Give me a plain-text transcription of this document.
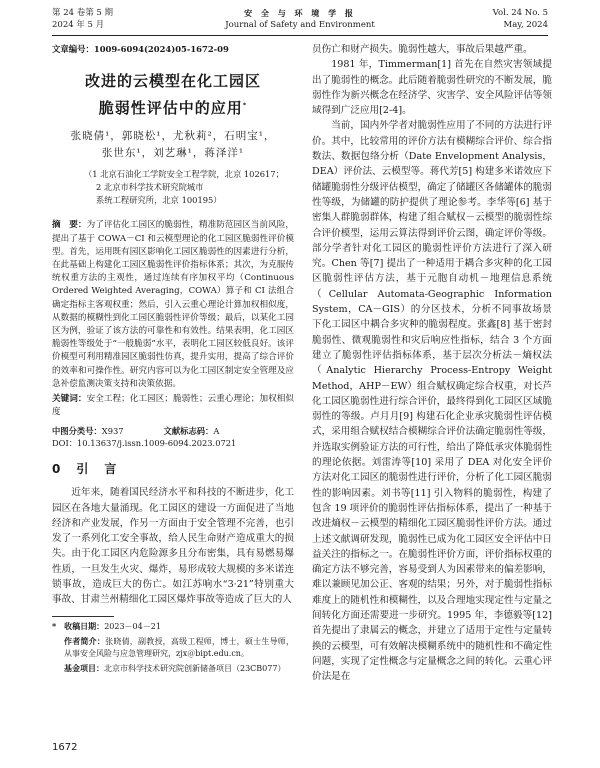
第 24 卷第 5 期
2024 年 5 月
安 全 与 环 境 学 报
Journal of Safety and Environment
Vol. 24 No. 5
May, 2024
文章编号：1009-6094(2024)05-1672-09
改进的云模型在化工园区
脆弱性评估中的应用*
张晓倩¹，郭晓松¹，尤秋莉²，石明宝¹，
张世东¹，刘艺琳¹，蒋泽洋¹
（1 北京石油化工学院安全工程学院，北京 102617；
2 北京市科学技术研究院城市
系统工程研究所，北京 100195）
摘　要：为了评估化工园区的脆弱性，精准防范园区当前风险，提出了基于 COWA－CI 和云模型理论的化工园区脆弱性评价模型。首先，运用既有园区影响化工园区脆弱性的因素进行分析，在此基础上构建化工园区脆弱性评价指标体系；其次，为克服传统权重方法的主观性，通过连续有序加权平均（Continuous Ordered Weighted Averaging，COWA）算子和 CI 法组合确定指标主客观权重；然后，引入云重心理论计算加权相似度，从数据的模糊性到化工园区脆弱性评价等级；最后，以某化工园区为例，验证了该方法的可靠性和有效性。结果表明，化工园区脆弱性等级处于“一般脆弱”水平，表明化工园区较低良好。该评价模型可利用精准园区脆弱性仿真，提升实用，提高了综合评价的效率和可操作性。研究内容可以为化工园区制定安全管理及应急补偿监测决策支持和决策依据。
关键词：安全工程；化工园区；脆弱性；云重心理论；加权相似度
中图分类号：X937	文献标志码：A
DOI：10.13637/j.issn.1009-6094.2023.0721
0　引　言

近年来，随着国民经济水平和科技的不断进步，化工园区在各地大量涌现。化工园区的建设一方面促进了当地经济和产业发展，作另一方面由于安全管理不完善，也引发了一系列化工安全事故，给人民生命财产造成重大的损失。由于化工园区内危险源多且分布密集，具有易燃易爆性质，一旦发生火灾、爆炸，易形成较大规模的多米诺连锁事故，造成巨大的伤亡。如江苏响水“3·21”特别重大事故、甘肃兰州精细化工园区爆炸事故等造成了巨大的人

*　收稿日期：2023－04－21
作者简介：张晓倩，副教授，高级工程师，博士，硕士生导师，从事安全风险与应急管理研究，zjx＠bipt.edu.cn。
基金项目：北京市科学技术研究院创新储备项目（23CB077）
员伤亡和财产损失。脆弱性越大，事故后果越严重。

1981 年，Timmerman[1] 首先在自然灾害领域提出了脆弱性的概念。此后随着脆弱性研究的不断发展，脆弱性作为新兴概念在经济学、灾害学、安全风险评估等领域得到广泛应用[2-4]。

当前，国内外学者对脆弱性应用了不同的方法进行评价。其中，比较常用的评价方法有模糊综合评价、综合指数法、数据包络分析（Date Envelopment Analysis，DEA）评价法、云模型等。蒋代芳[5] 构建多米诺效应下储罐脆弱性分级评估模型，确定了储罐区各储罐体的脆弱性等级，为储罐的防护提供了理论参考。李华等[6] 基于密集人群脆弱群体，构建了组合赋权－云模型的脆弱性综合评价模型，运用云算法得到评价云图，确定评价等级。部分学者针对化工园区的脆弱性评价方法进行了深入研究。Chen 等[7] 提出了一种适用于耦合多灾种的化工园区脆弱性评估方法，基于元胞自动机－地理信息系统（Cellular Automata-Geographic Information System，CA－GIS）的分区技术，分析不同事故场景下化工园区中耦合多灾种的脆弱程度。张鑫[8] 基于密封脆弱性、微观脆弱性和灾后响应性指标，结合 3 个方面建立了脆弱性评估指标体系，基于层次分析法－熵权法（Analytic Hierarchy Process-Entropy Weight Method，AHP－EW）组合赋权确定综合权重，对长芦化工园区脆弱性进行综合评价，最终得到化工园区区域脆弱性的等级。卢月月[9] 构建石化企业承灾脆弱性评估模式，采用组合赋权结合模糊综合评价法确定脆弱性等级，并选取实例验证方法的可行性，给出了降低承灾体脆弱性的理论依据。刘雷涛等[10] 采用了 DEA 对化安全评价方法对化工园区的脆弱性进行评价，分析了化工园区脆弱性的影响因素。刘书等[11] 引入物料的脆弱性，构建了包含 19 项评价的脆弱性评估指标体系，提出了一种基于改进熵权－云模型的精细化工园区脆弱性评价方法。通过上述文献调研发现，脆弱性已成为化工园区安全评估中日益关注的指标之一。在脆弱性评价方面，评价指标权重的确定方法不够完善，容易受到人为因素带来的偏差影响，难以兼顾见加公正、客观的结果；另外，对于脆弱性指标难度上的随机性和模糊性，以及合理地实现定性与定量之间转化方面还需要进一步研究。1995 年，李德毅等[12] 首先提出了隶属云的概念，并建立了适用于定性与定量转换的云模型，可有效解决模糊系统中的随机性和不确定性问题，实现了定性概念与定量概念之间的转化。云重心评价法是在

1672
